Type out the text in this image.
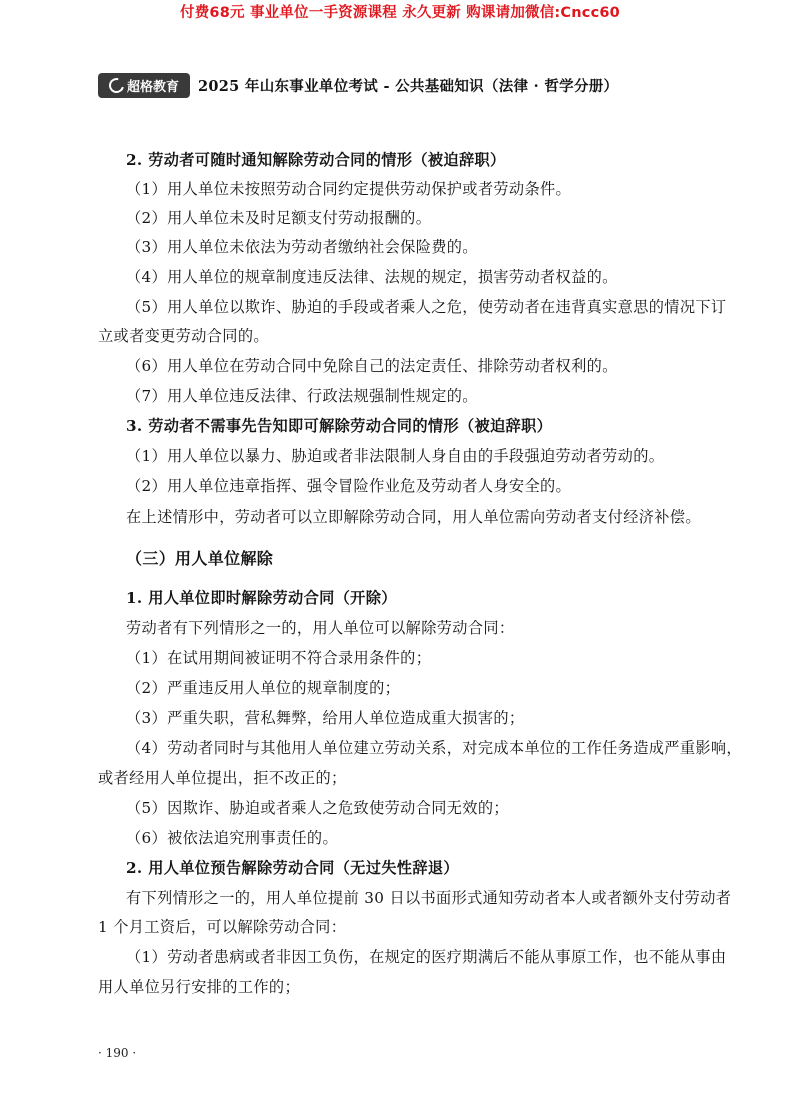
付费68元 事业单位一手资源课程 永久更新 购课请加微信:Cncc60
超格教育 2025 年山东事业单位考试 - 公共基础知识（法律 · 哲学分册）
2. 劳动者可随时通知解除劳动合同的情形（被迫辞职）
（1）用人单位未按照劳动合同约定提供劳动保护或者劳动条件。
（2）用人单位未及时足额支付劳动报酬的。
（3）用人单位未依法为劳动者缴纳社会保险费的。
（4）用人单位的规章制度违反法律、法规的规定，损害劳动者权益的。
（5）用人单位以欺诈、胁迫的手段或者乘人之危，使劳动者在违背真实意思的情况下订
立或者变更劳动合同的。
（6）用人单位在劳动合同中免除自己的法定责任、排除劳动者权利的。
（7）用人单位违反法律、行政法规强制性规定的。
3. 劳动者不需事先告知即可解除劳动合同的情形（被迫辞职）
（1）用人单位以暴力、胁迫或者非法限制人身自由的手段强迫劳动者劳动的。
（2）用人单位违章指挥、强令冒险作业危及劳动者人身安全的。
在上述情形中，劳动者可以立即解除劳动合同，用人单位需向劳动者支付经济补偿。
（三）用人单位解除
1. 用人单位即时解除劳动合同（开除）
劳动者有下列情形之一的，用人单位可以解除劳动合同：
（1）在试用期间被证明不符合录用条件的；
（2）严重违反用人单位的规章制度的；
（3）严重失职，营私舞弊，给用人单位造成重大损害的；
（4）劳动者同时与其他用人单位建立劳动关系，对完成本单位的工作任务造成严重影响，
或者经用人单位提出，拒不改正的；
（5）因欺诈、胁迫或者乘人之危致使劳动合同无效的；
（6）被依法追究刑事责任的。
2. 用人单位预告解除劳动合同（无过失性辞退）
有下列情形之一的，用人单位提前 30 日以书面形式通知劳动者本人或者额外支付劳动者
1 个月工资后，可以解除劳动合同：
（1）劳动者患病或者非因工负伤，在规定的医疗期满后不能从事原工作，也不能从事由
用人单位另行安排的工作的；
· 190 ·
